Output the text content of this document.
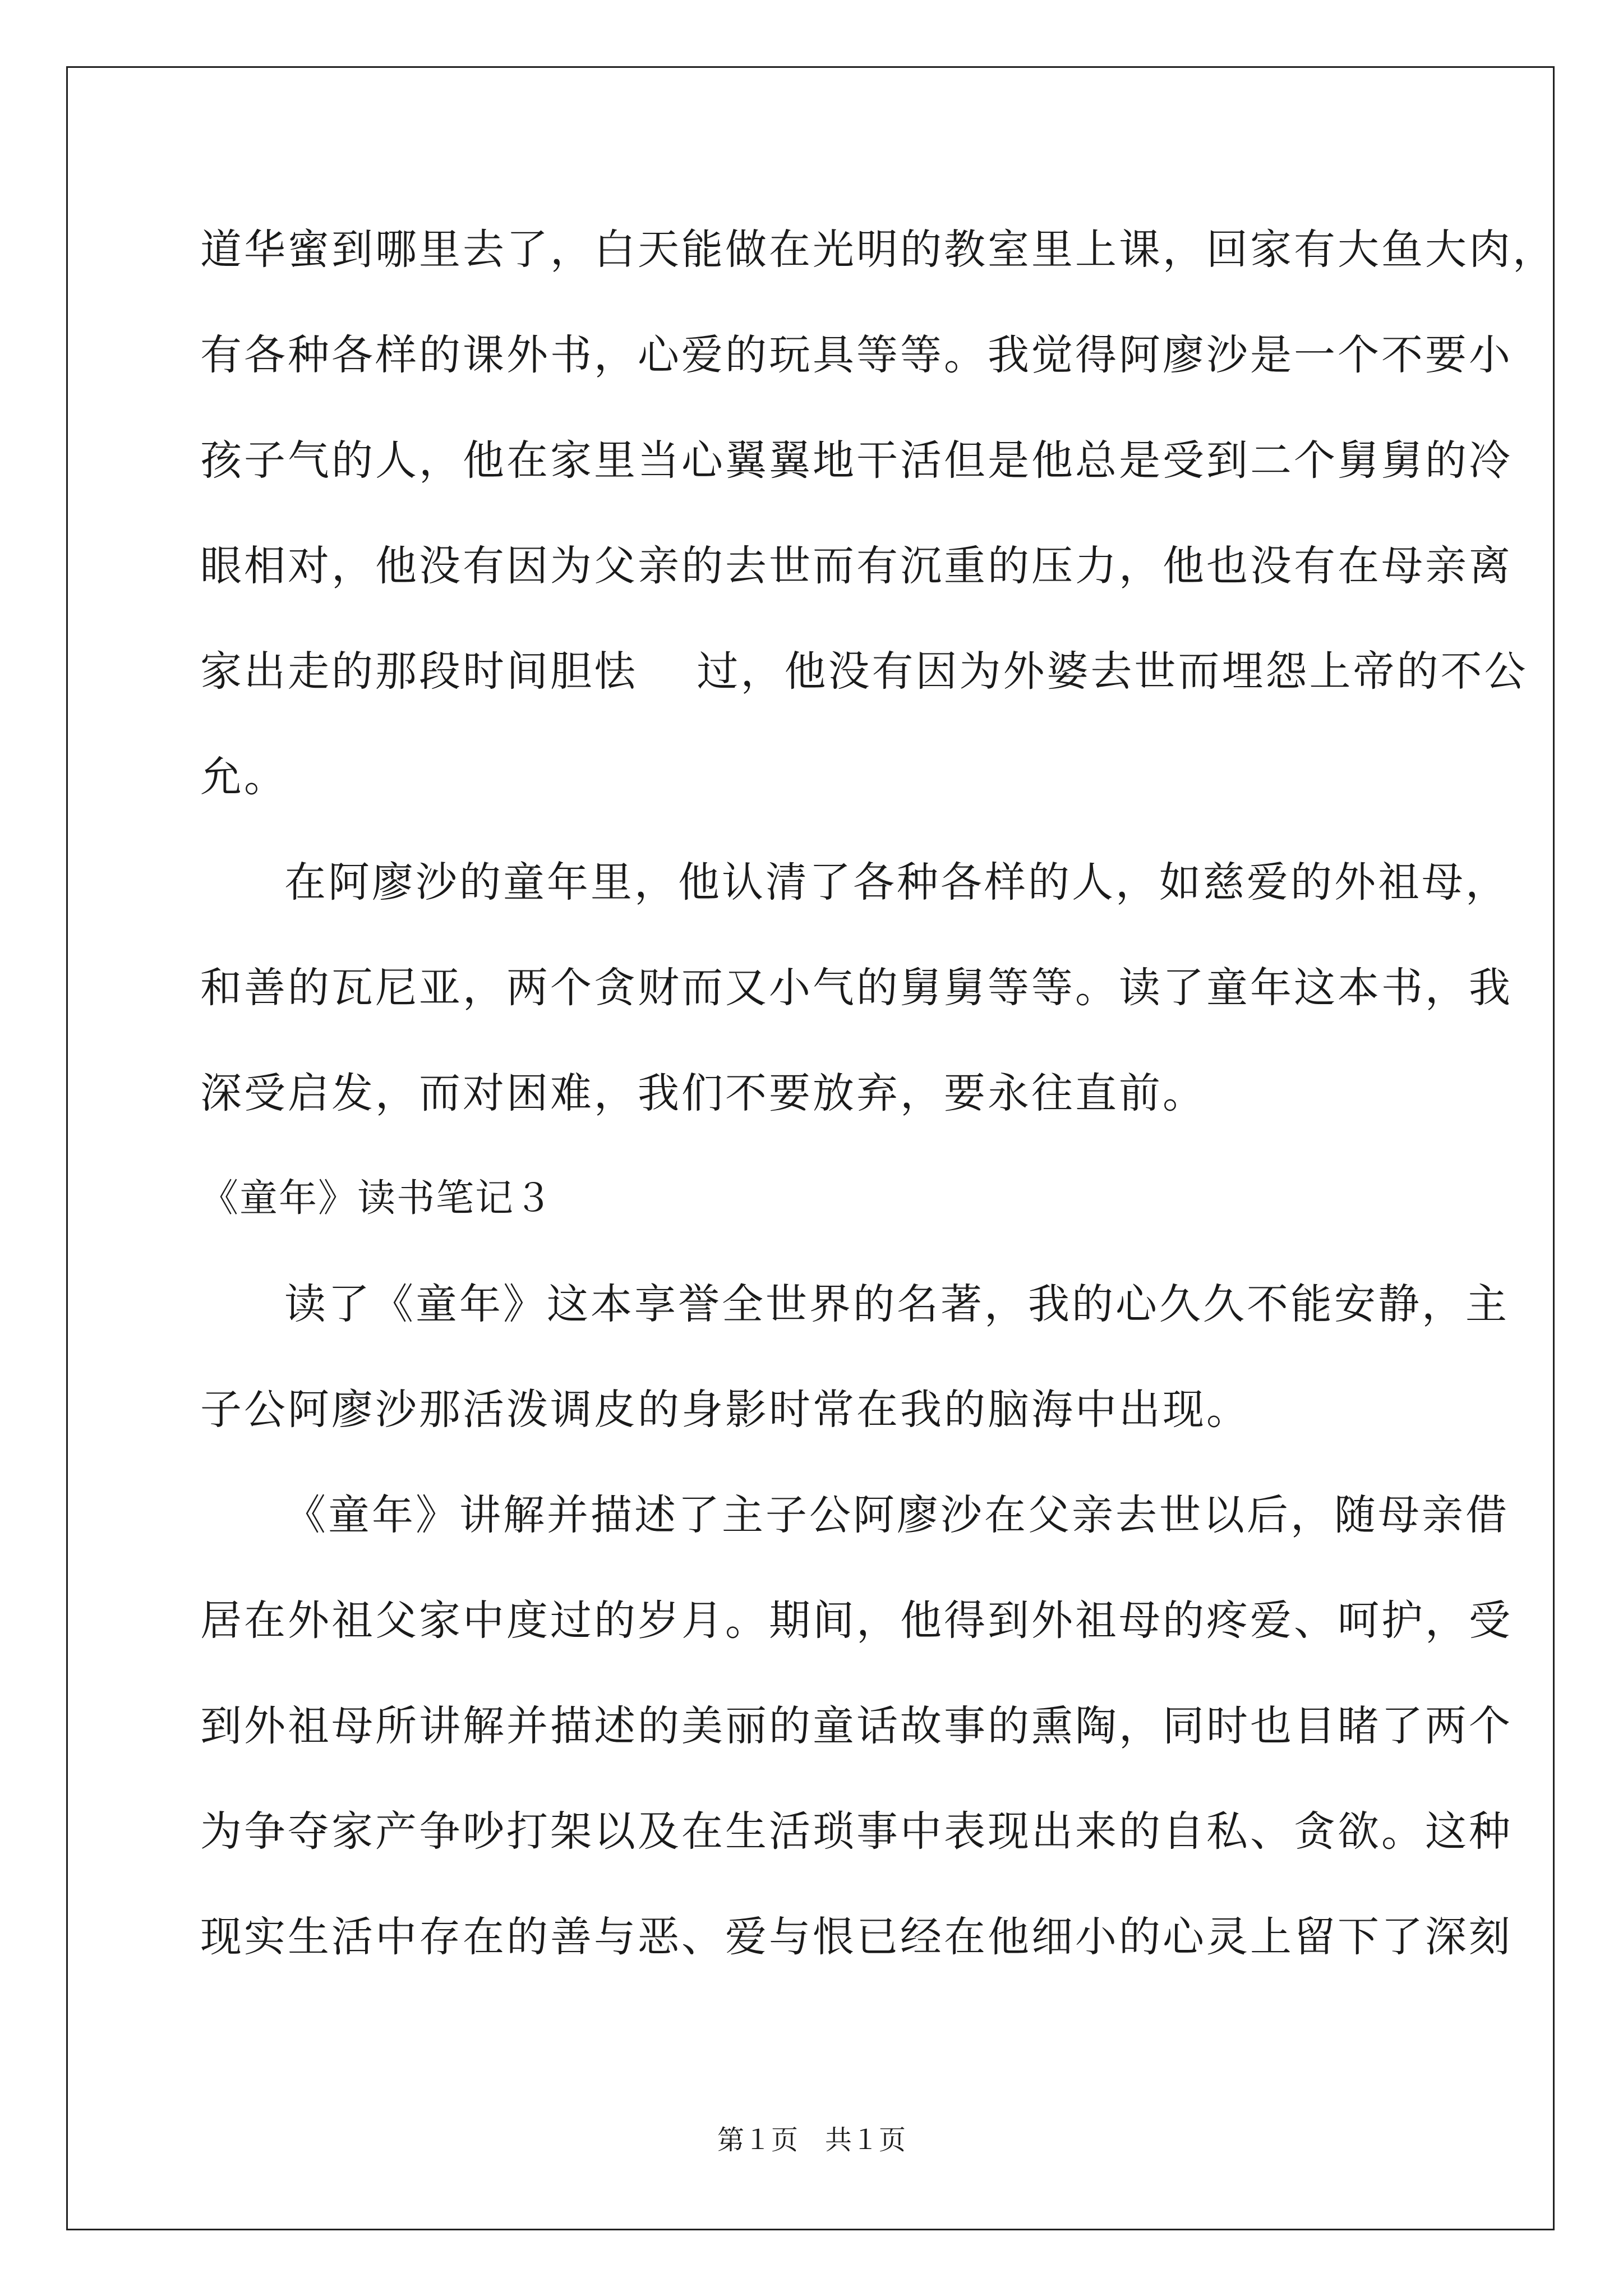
道华蜜到哪里去了，白天能做在光明的教室里上课，回家有大鱼大肉，
有各种各样的课外书，心爱的玩具等等。我觉得阿廖沙是一个不要小
孩子气的人，他在家里当心翼翼地干活但是他总是受到二个舅舅的冷
眼相对，他没有因为父亲的去世而有沉重的压力，他也没有在母亲离
家出走的那段时间胆怯　 过，他没有因为外婆去世而埋怨上帝的不公
允。
在阿廖沙的童年里，他认清了各种各样的人，如慈爱的外祖母，
和善的瓦尼亚，两个贪财而又小气的舅舅等等。读了童年这本书，我
深受启发，而对困难，我们不要放弃，要永往直前。
《童年》读书笔记３
读了《童年》这本享誉全世界的名著，我的心久久不能安静，主
子公阿廖沙那活泼调皮的身影时常在我的脑海中出现。
《童年》讲解并描述了主子公阿廖沙在父亲去世以后，随母亲借
居在外祖父家中度过的岁月。期间，他得到外祖母的疼爱、呵护，受
到外祖母所讲解并描述的美丽的童话故事的熏陶，同时也目睹了两个
为争夺家产争吵打架以及在生活琐事中表现出来的自私、贪欲。这种
现实生活中存在的善与恶、爱与恨已经在他细小的心灵上留下了深刻
第１页　共１页
